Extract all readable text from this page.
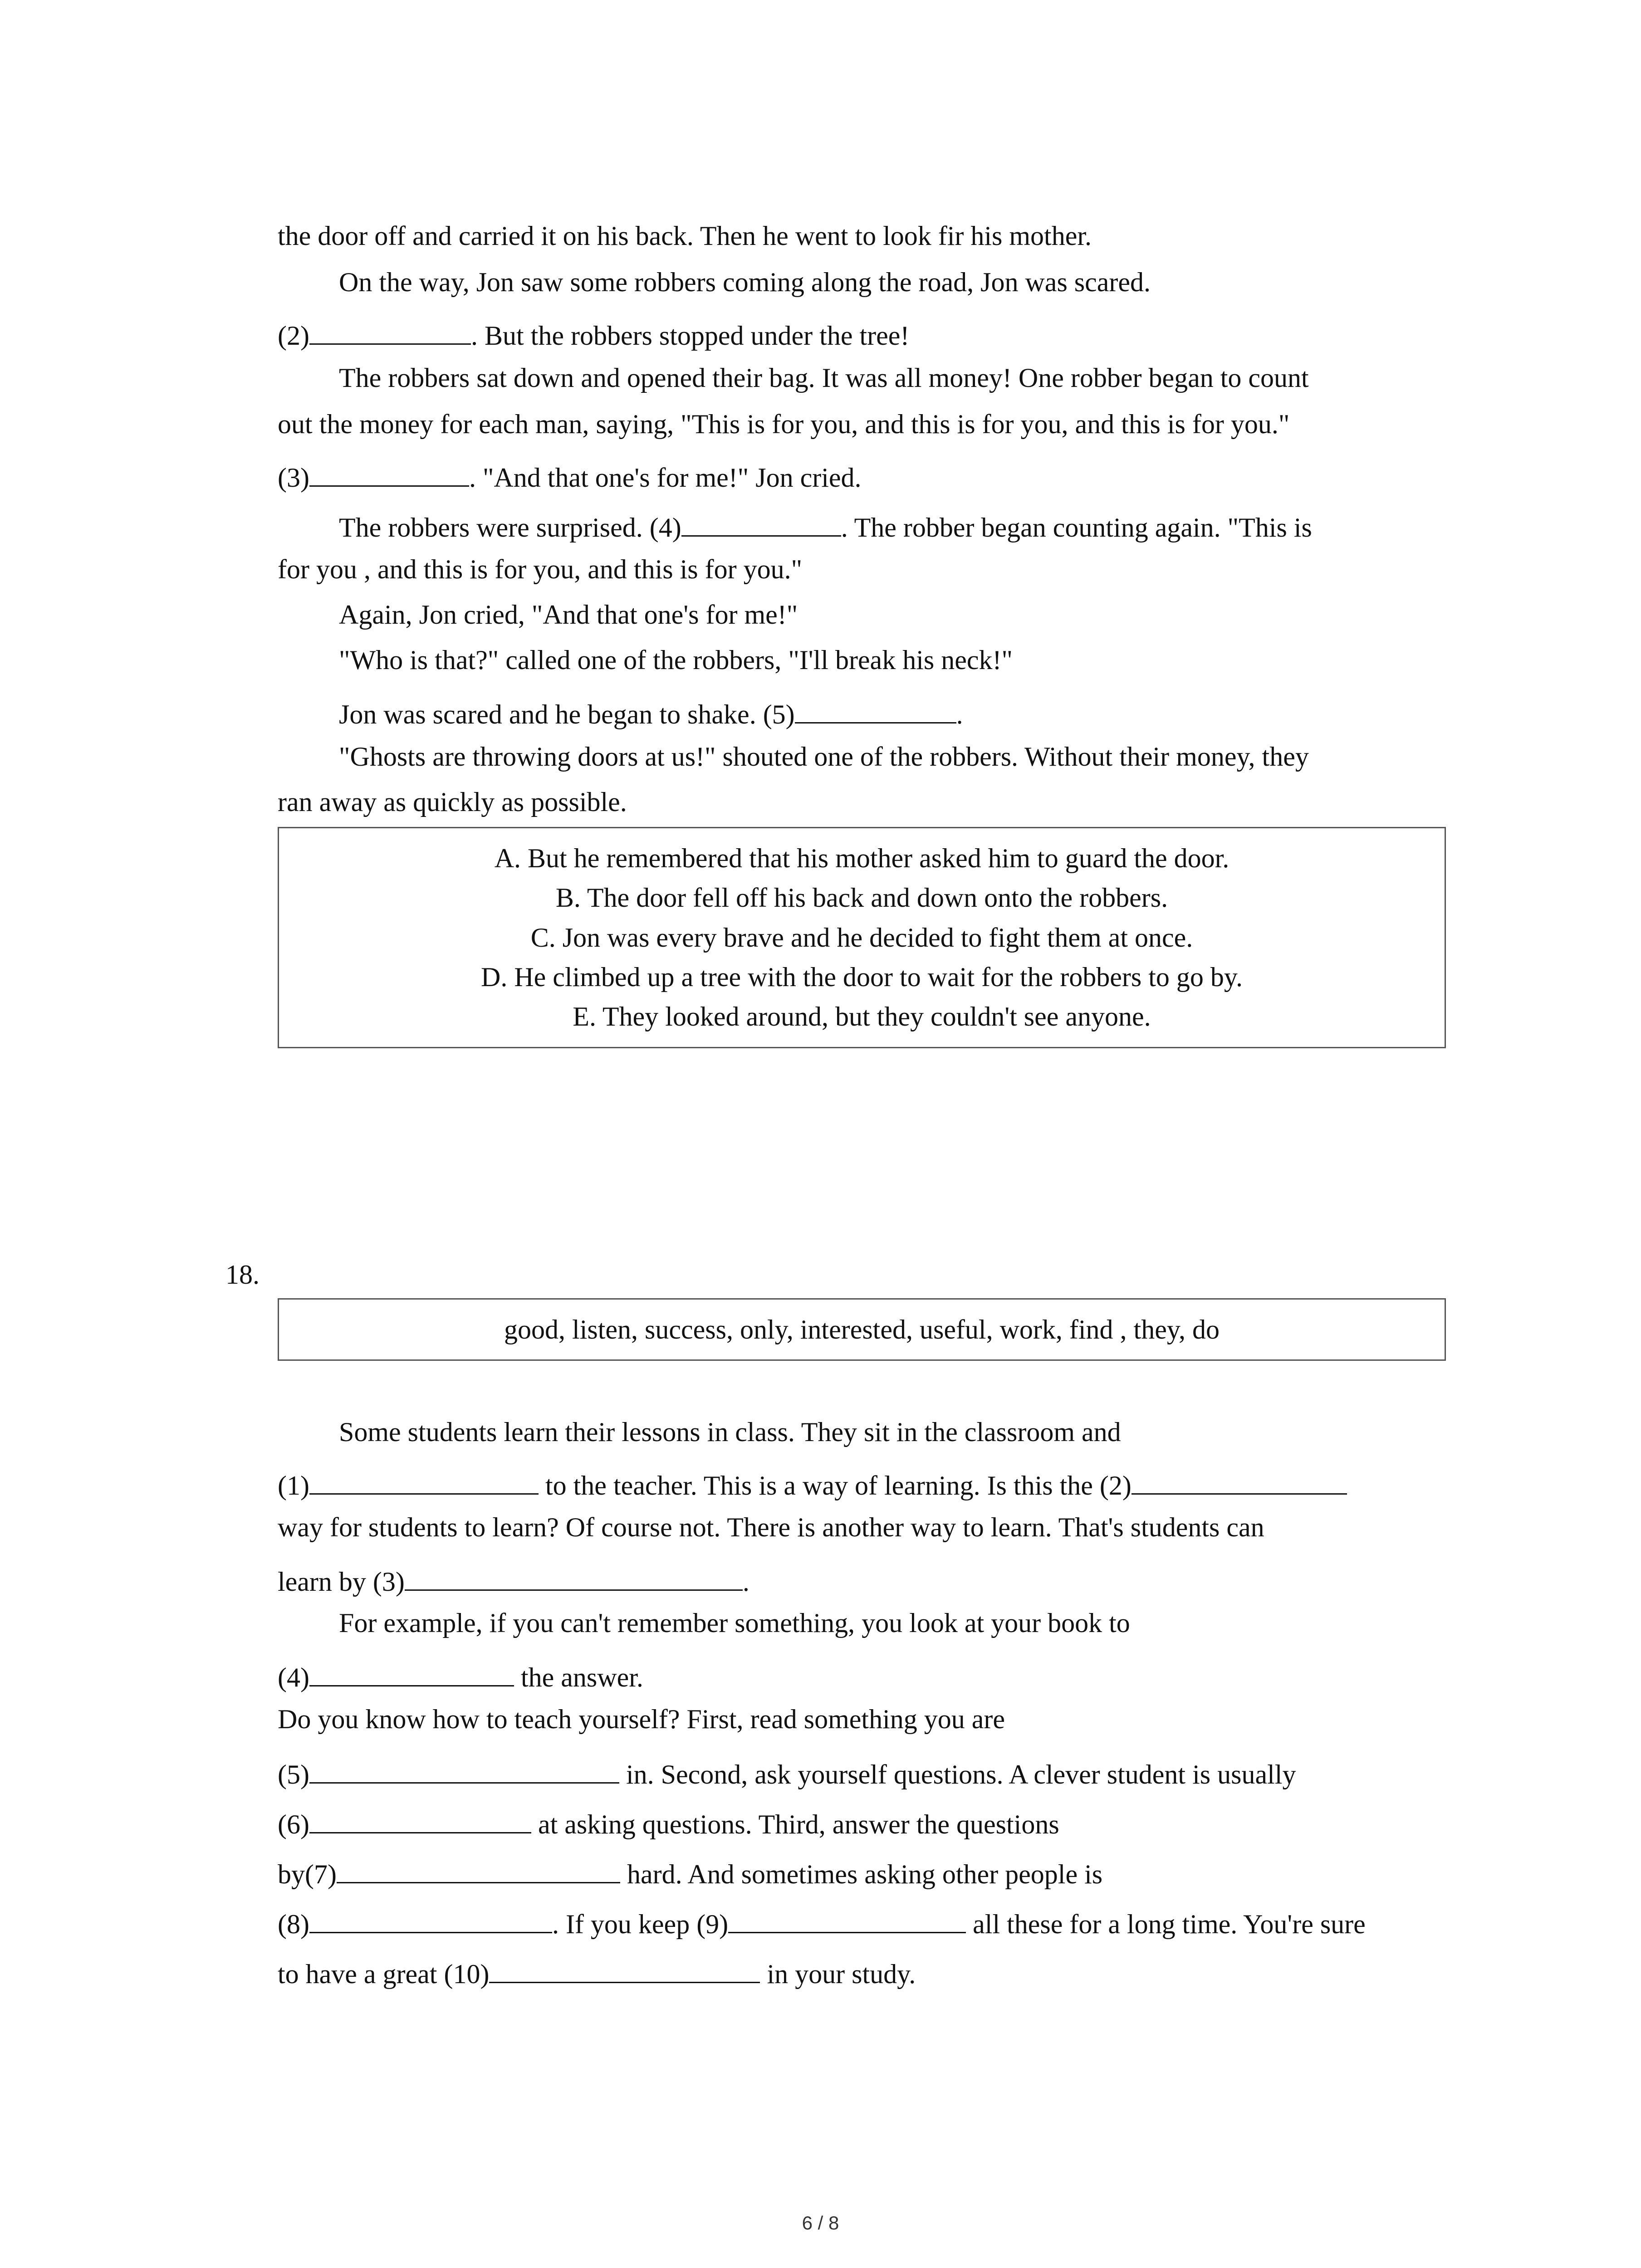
the door off and carried it on his back. Then he went to look fir his mother.
On the way, Jon saw some robbers coming along the road, Jon was scared.
(2)	. But the robbers stopped under the tree!
The robbers sat down and opened their bag. It was all money! One robber began to count
out the money for each man, saying, "This is for you, and this is for you, and this is for you."
(3)	. "And that one's for me!" Jon cried.
The robbers were surprised. (4)	. The robber began counting again. "This is
for you , and this is for you, and this is for you."
Again, Jon cried, "And that one's for me!"
"Who is that?" called one of the robbers, "I'll break his neck!"
Jon was scared and he began to shake. (5)	.
"Ghosts are throwing doors at us!" shouted one of the robbers. Without their money, they
ran away as quickly as possible.
A. But he remembered that his mother asked him to guard the door.
B. The door fell off his back and down onto the robbers.
C. Jon was every brave and he decided to fight them at once.
D. He climbed up a tree with the door to wait for the robbers to go by.
E. They looked around, but they couldn't see anyone.
18.
good, listen, success, only, interested, useful, work, find , they, do
Some students learn their lessons in class. They sit in the classroom and
(1)	to the teacher. This is a way of learning. Is this the (2)
way for students to learn? Of course not. There is another way to learn. That's students can
learn by (3)	.
For example, if you can't remember something, you look at your book to
(4)	the answer.
Do you know how to teach yourself? First, read something you are
(5)	in. Second, ask yourself questions. A clever student is usually
(6)	at asking questions. Third, answer the questions
by(7)	hard. And sometimes asking other people is
(8)	. If you keep (9)	all these for a long time. You're sure
to have a great (10)	in your study.
6 / 8
